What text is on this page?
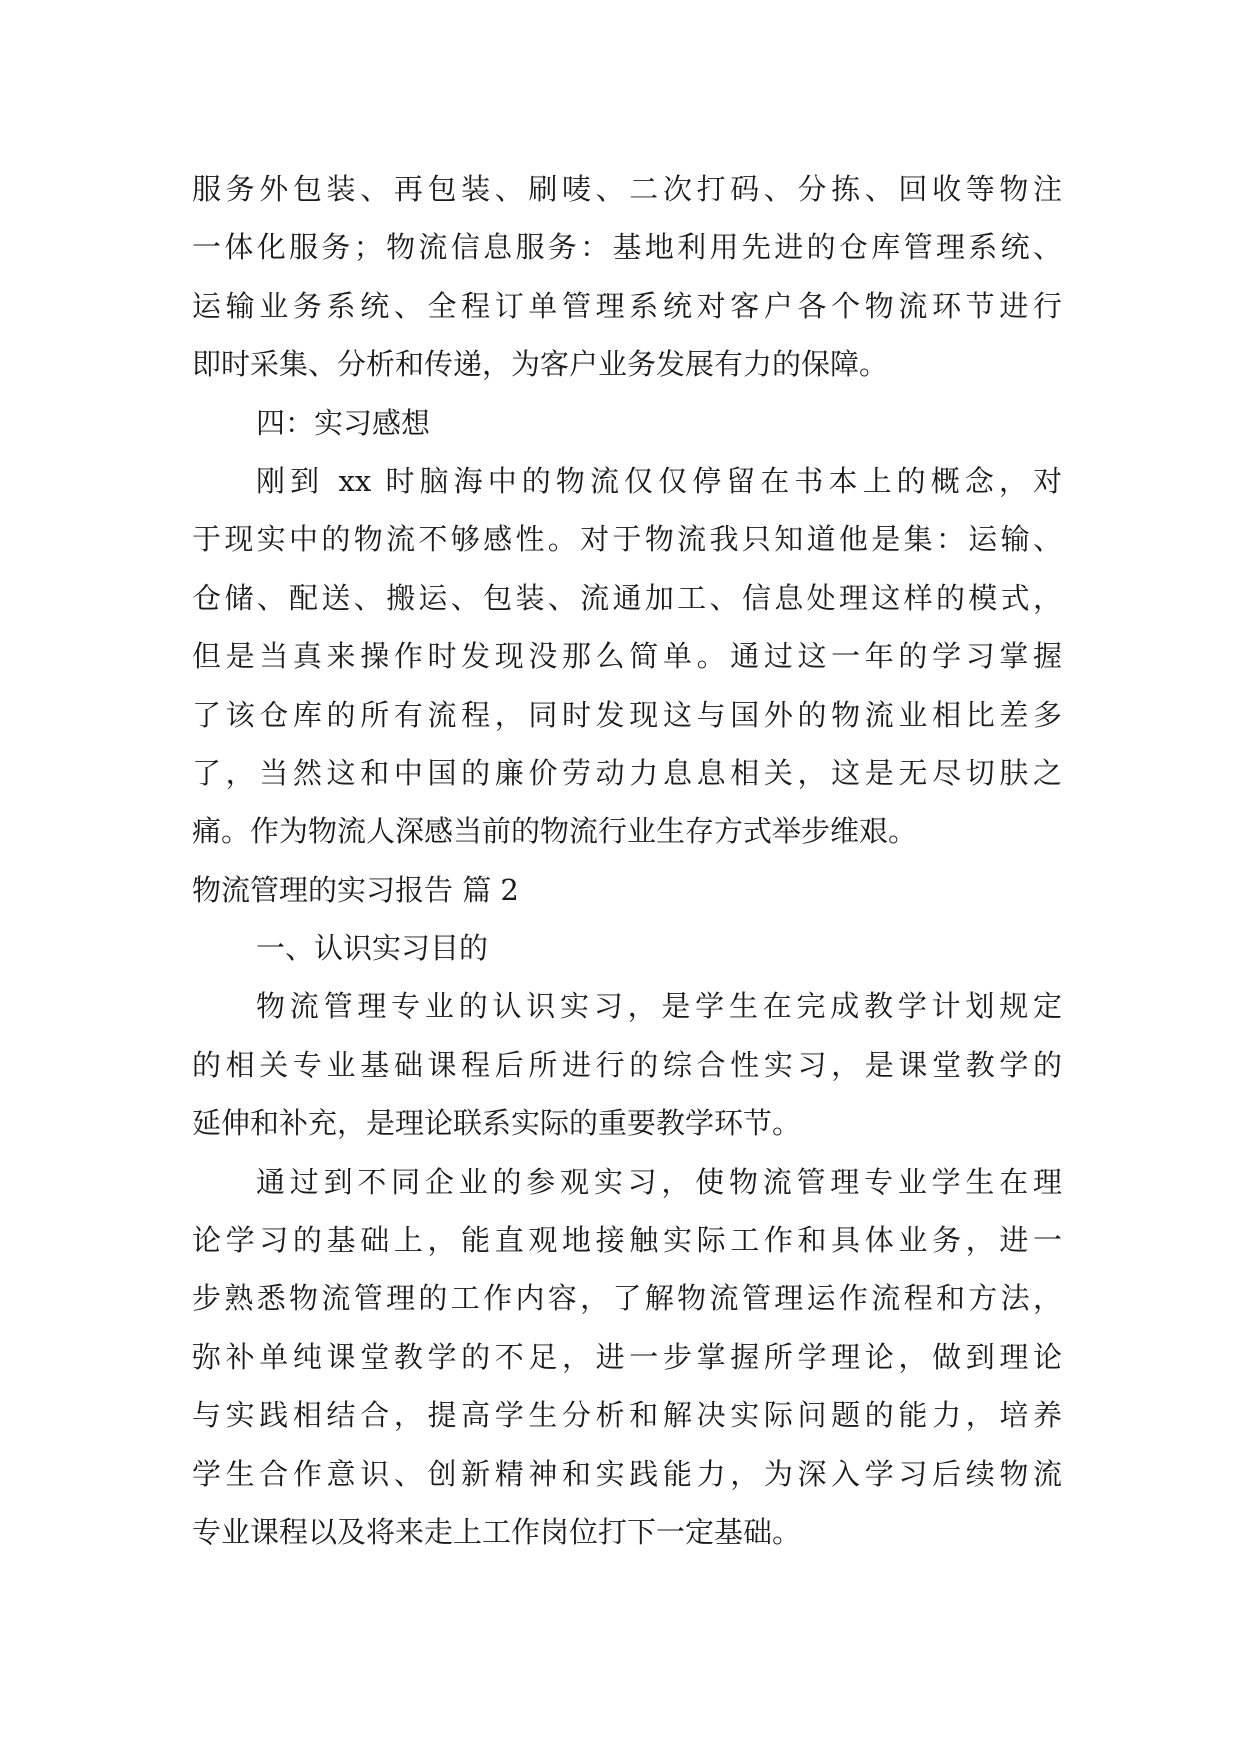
服务外包装、再包装、刷唛、二次打码、分拣、回收等物注
一体化服务；物流信息服务：基地利用先进的仓库管理系统、
运输业务系统、全程订单管理系统对客户各个物流环节进行
即时采集、分析和传递，为客户业务发展有力的保障。
四：实习感想
刚到 xx 时脑海中的物流仅仅停留在书本上的概念，对
于现实中的物流不够感性。对于物流我只知道他是集：运输、
仓储、配送、搬运、包装、流通加工、信息处理这样的模式，
但是当真来操作时发现没那么简单。通过这一年的学习掌握
了该仓库的所有流程，同时发现这与国外的物流业相比差多
了，当然这和中国的廉价劳动力息息相关，这是无尽切肤之
痛。作为物流人深感当前的物流行业生存方式举步维艰。
物流管理的实习报告 篇 2
一、认识实习目的
物流管理专业的认识实习，是学生在完成教学计划规定
的相关专业基础课程后所进行的综合性实习，是课堂教学的
延伸和补充，是理论联系实际的重要教学环节。
通过到不同企业的参观实习，使物流管理专业学生在理
论学习的基础上，能直观地接触实际工作和具体业务，进一
步熟悉物流管理的工作内容，了解物流管理运作流程和方法，
弥补单纯课堂教学的不足，进一步掌握所学理论，做到理论
与实践相结合，提高学生分析和解决实际问题的能力，培养
学生合作意识、创新精神和实践能力，为深入学习后续物流
专业课程以及将来走上工作岗位打下一定基础。
